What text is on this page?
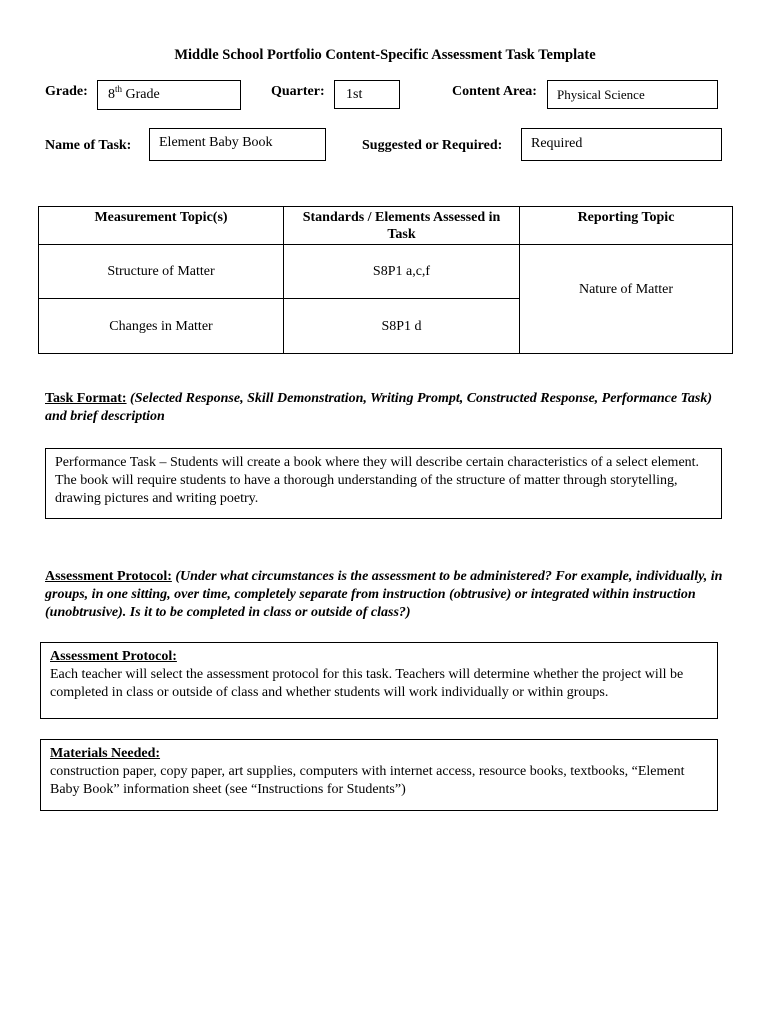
Middle School Portfolio Content-Specific Assessment Task Template
Grade: 8th Grade	Quarter: 1st	Content Area: Physical Science
Name of Task: Element Baby Book	Suggested or Required: Required
Measurement Topic(s)	Standards / Elements Assessed in Task	Reporting Topic
Structure of Matter	S8P1 a,c,f	Nature of Matter
Changes in Matter	S8P1 d	
Task Format: (Selected Response, Skill Demonstration, Writing Prompt, Constructed Response, Performance Task) and brief description
Performance Task – Students will create a book where they will describe certain characteristics of a select element. The book will require students to have a thorough understanding of the structure of matter through storytelling, drawing pictures and writing poetry.
Assessment Protocol: (Under what circumstances is the assessment to be administered? For example, individually, in groups, in one sitting, over time, completely separate from instruction (obtrusive) or integrated within instruction (unobtrusive). Is it to be completed in class or outside of class?)
Assessment Protocol:
Each teacher will select the assessment protocol for this task. Teachers will determine whether the project will be completed in class or outside of class and whether students will work individually or within groups.
Materials Needed:
construction paper, copy paper, art supplies, computers with internet access, resource books, textbooks, “Element Baby Book” information sheet (see “Instructions for Students”)
